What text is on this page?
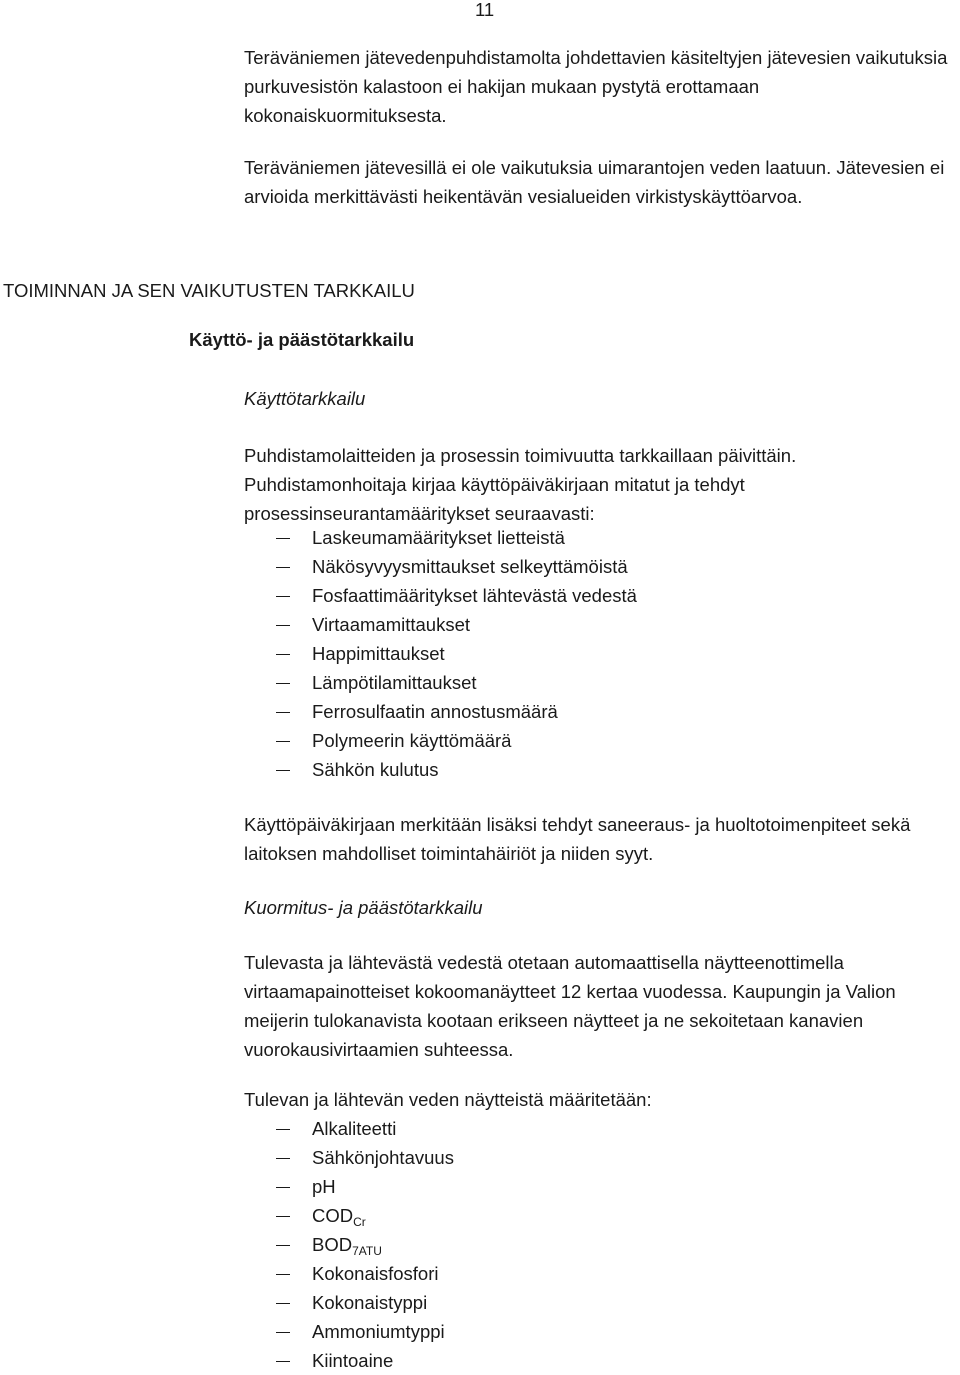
11

Teräväniemen jätevedenpuhdistamolta johdettavien käsiteltyjen jätevesien vaikutuksia purkuvesistön kalastoon ei hakijan mukaan pystytä erottamaan kokonaiskuormituksesta.

Teräväniemen jätevesillä ei ole vaikutuksia uimarantojen veden laatuun. Jätevesien ei arvioida merkittävästi heikentävän vesialueiden virkistyskäyttöarvoa.

TOIMINNAN JA SEN VAIKUTUSTEN TARKKAILU
Käyttö- ja päästötarkkailu

Käyttötarkkailu

Puhdistamolaitteiden ja prosessin toimivuutta tarkkaillaan päivittäin. Puhdistamonhoitaja kirjaa käyttöpäiväkirjaan mitatut ja tehdyt prosessinseurantamääritykset seuraavasti:

Laskeumamääritykset lietteistä
Näkösyvyysmittaukset selkeyttämöistä
Fosfaattimääritykset lähtevästä vedestä
Virtaamamittaukset
Happimittaukset
Lämpötilamittaukset
Ferrosulfaatin annostusmäärä
Polymeerin käyttömäärä
Sähkön kulutus

Käyttöpäiväkirjaan merkitään lisäksi tehdyt saneeraus- ja huoltotoimenpiteet sekä laitoksen mahdolliset toimintahäiriöt ja niiden syyt.

Kuormitus- ja päästötarkkailu

Tulevasta ja lähtevästä vedestä otetaan automaattisella näytteenottimella virtaamapainotteiset kokoomanäytteet 12 kertaa vuodessa. Kaupungin ja Valion meijerin tulokanavista kootaan erikseen näytteet ja ne sekoitetaan kanavien vuorokausivirtaamien suhteessa.

Tulevan ja lähtevän veden näytteistä määritetään:

Alkaliteetti
Sähkönjohtavuus
pH
$COD_{Cr}$
$BOD_{7ATU}$
Kokonaisfosfori
Kokonaistyppi
Ammoniumtyppi
Kiintoaine
